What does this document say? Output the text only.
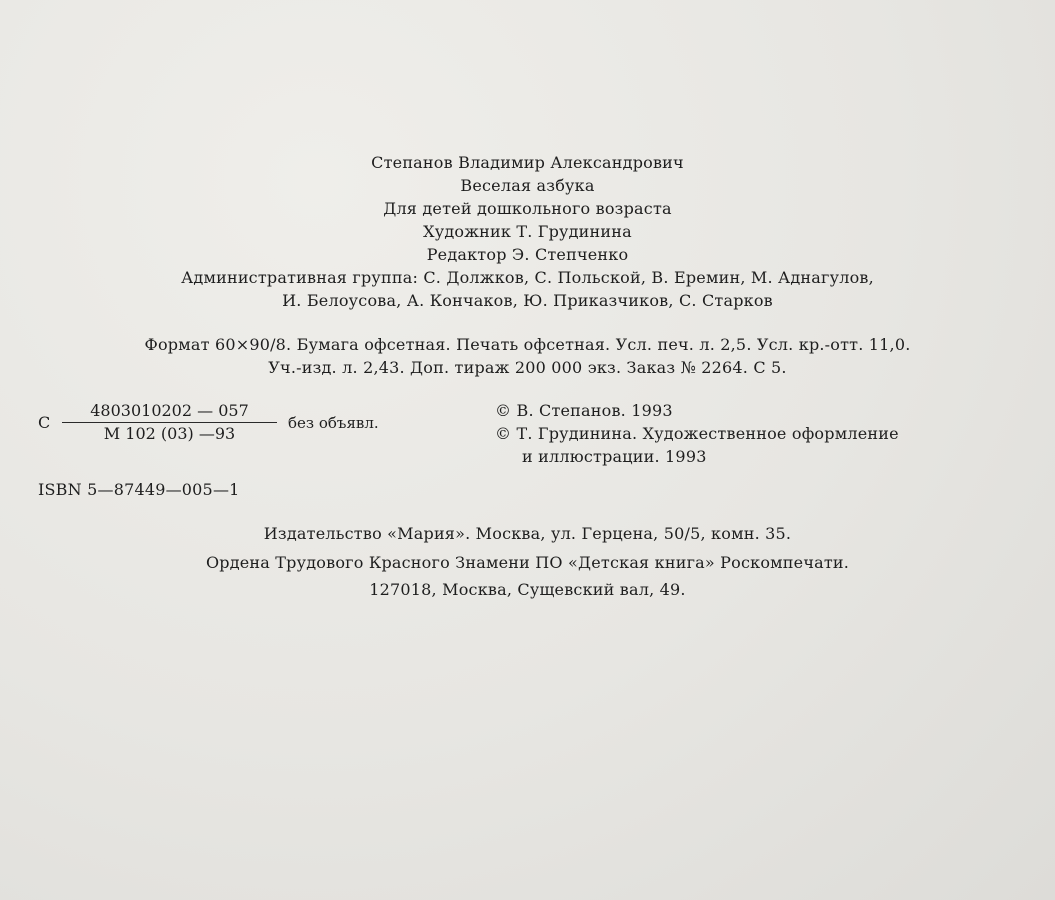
Степанов Владимир Александрович
Веселая азбука
Для детей дошкольного возраста
Художник Т. Грудинина
Редактор Э. Степченко
Административная группа: С. Должков, С. Польской, В. Еремин, М. Аднагулов,
И. Белоусова, А. Кончаков, Ю. Приказчиков, С. Старков
Формат 60×90/8. Бумага офсетная. Печать офсетная. Усл. печ. л. 2,5. Усл. кр.-отт. 11,0.
Уч.-изд. л. 2,43. Доп. тираж 200 000 экз. Заказ № 2264. С 5.
С
4803010202 — 057
М 102 (03) —93
без объявл.
© В. Степанов. 1993
© Т. Грудинина. Художественное оформление
и иллюстрации. 1993
ISBN 5—87449—005—1
Издательство «Мария». Москва, ул. Герцена, 50/5, комн. 35.
Ордена Трудового Красного Знамени ПО «Детская книга» Роскомпечати.
127018, Москва, Сущевский вал, 49.
